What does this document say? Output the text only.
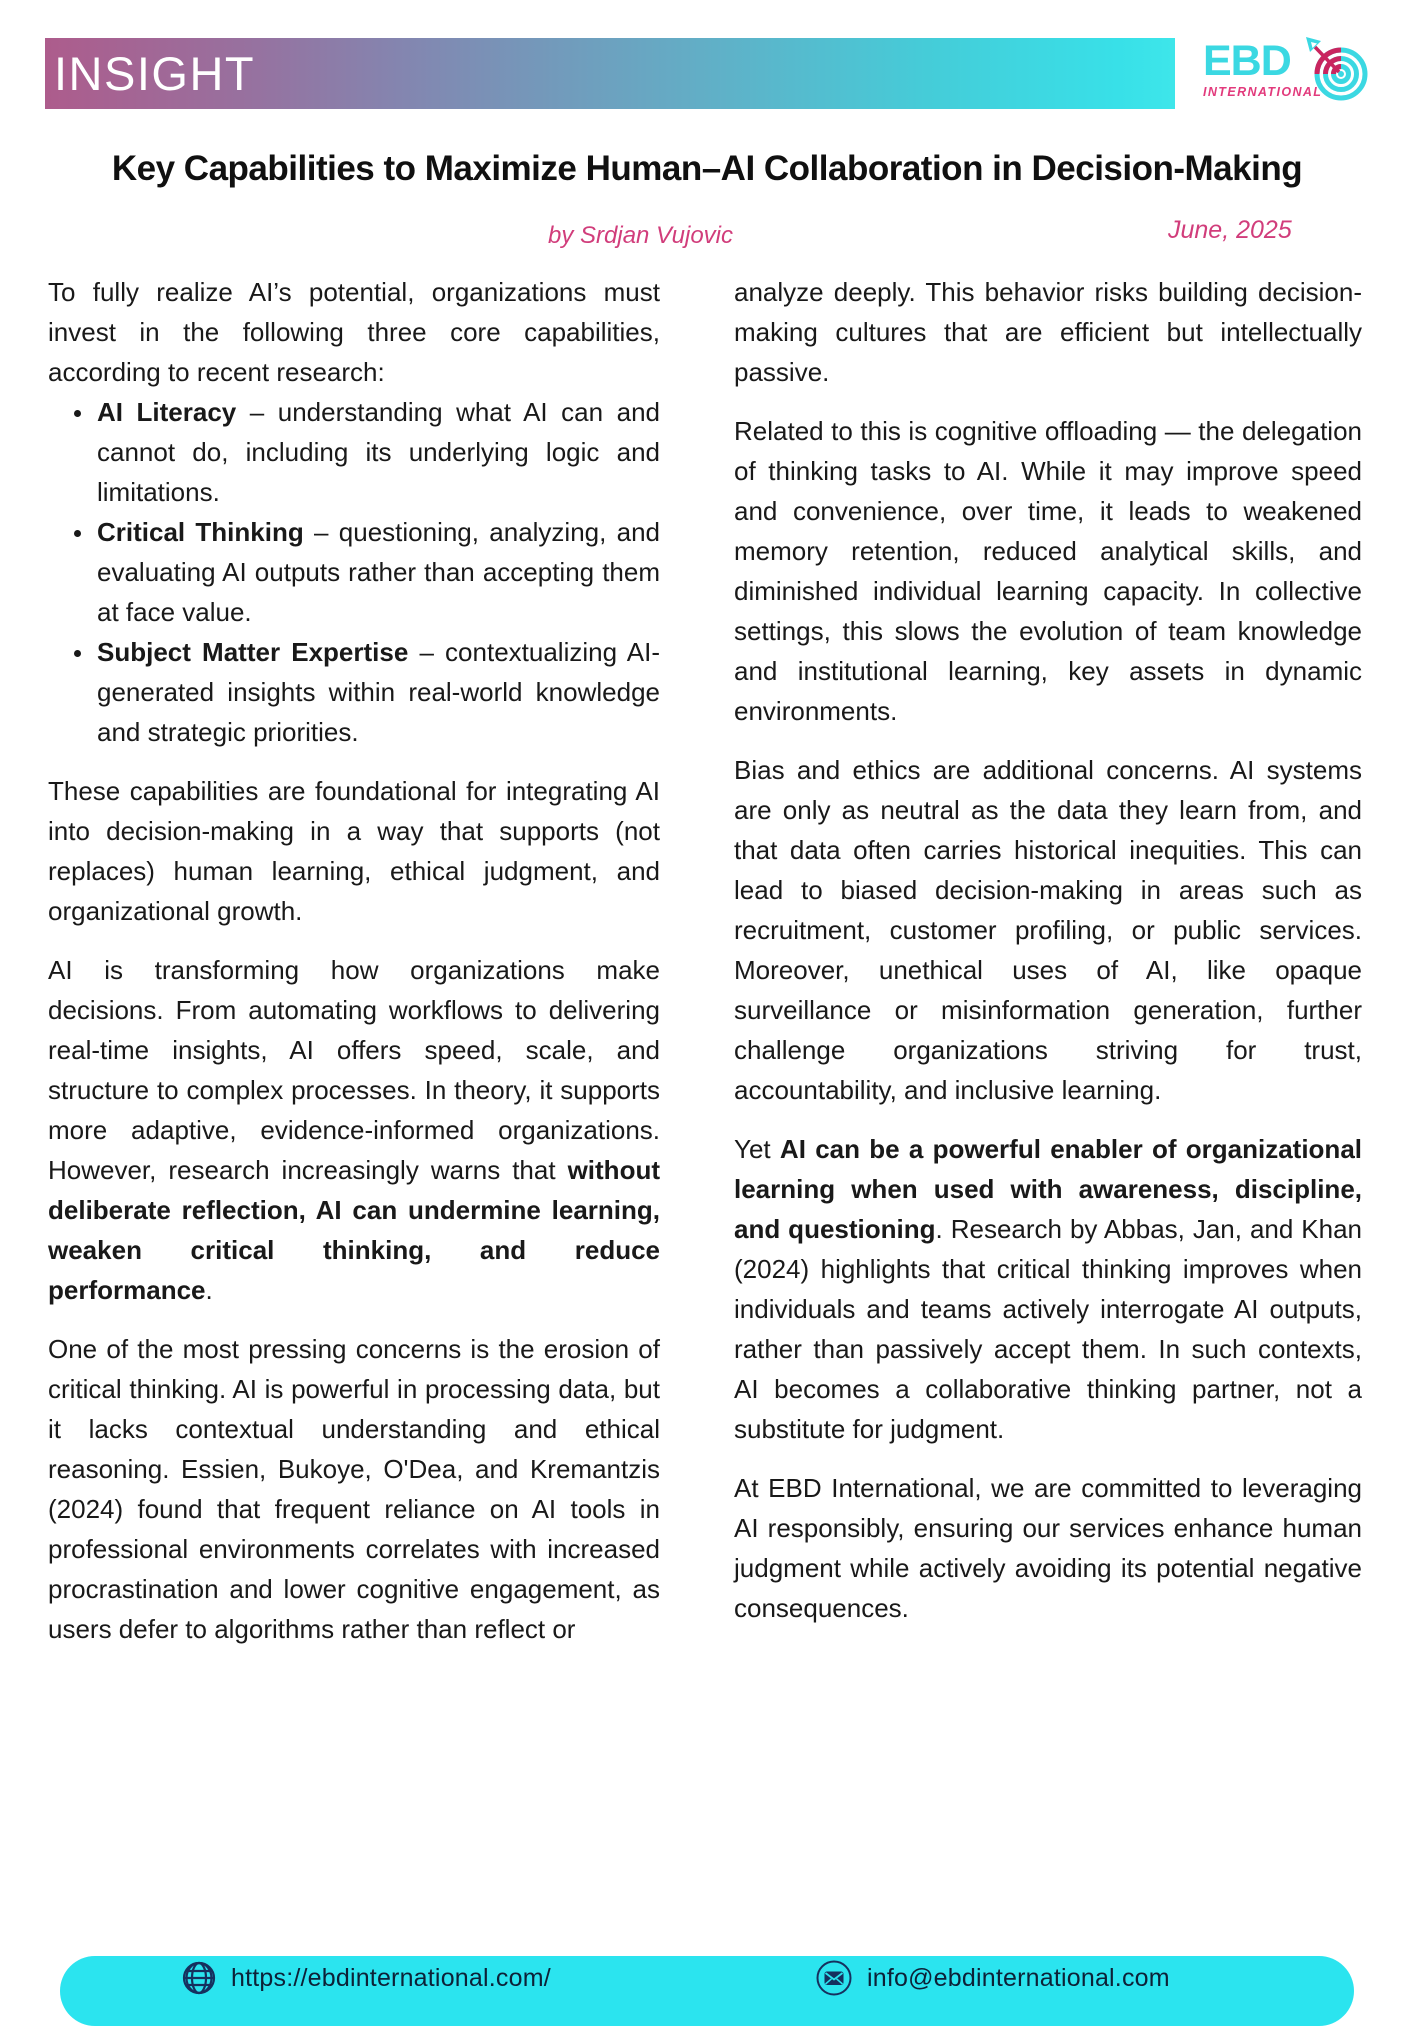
INSIGHT	EBD
INTERNATIONAL
Key Capabilities to Maximize Human–AI Collaboration in Decision-Making
by Srdjan Vujovic	June, 2025

To fully realize AI’s potential, organizations must invest in the following three core capabilities, according to recent research:

• AI Literacy – understanding what AI can and cannot do, including its underlying logic and limitations.
• Critical Thinking – questioning, analyzing, and evaluating AI outputs rather than accepting them at face value.
• Subject Matter Expertise – contextualizing AI-generated insights within real-world knowledge and strategic priorities.

These capabilities are foundational for integrating AI into decision-making in a way that supports (not replaces) human learning, ethical judgment, and organizational growth.

AI is transforming how organizations make decisions. From automating workflows to delivering real-time insights, AI offers speed, scale, and structure to complex processes. In theory, it supports more adaptive, evidence-informed organizations. However, research increasingly warns that without deliberate reflection, AI can undermine learning, weaken critical thinking, and reduce performance.

One of the most pressing concerns is the erosion of critical thinking. AI is powerful in processing data, but it lacks contextual understanding and ethical reasoning. Essien, Bukoye, O'Dea, and Kremantzis (2024) found that frequent reliance on AI tools in professional environments correlates with increased procrastination and lower cognitive engagement, as users defer to algorithms rather than reflect or

analyze deeply. This behavior risks building decision-making cultures that are efficient but intellectually passive.

Related to this is cognitive offloading — the delegation of thinking tasks to AI. While it may improve speed and convenience, over time, it leads to weakened memory retention, reduced analytical skills, and diminished individual learning capacity. In collective settings, this slows the evolution of team knowledge and institutional learning, key assets in dynamic environments.

Bias and ethics are additional concerns. AI systems are only as neutral as the data they learn from, and that data often carries historical inequities. This can lead to biased decision-making in areas such as recruitment, customer profiling, or public services. Moreover, unethical uses of AI, like opaque surveillance or misinformation generation, further challenge organizations striving for trust, accountability, and inclusive learning.

Yet AI can be a powerful enabler of organizational learning when used with awareness, discipline, and questioning. Research by Abbas, Jan, and Khan (2024) highlights that critical thinking improves when individuals and teams actively interrogate AI outputs, rather than passively accept them. In such contexts, AI becomes a collaborative thinking partner, not a substitute for judgment.

At EBD International, we are committed to leveraging AI responsibly, ensuring our services enhance human judgment while actively avoiding its potential negative consequences.

https://ebdinternational.com/	info@ebdinternational.com
